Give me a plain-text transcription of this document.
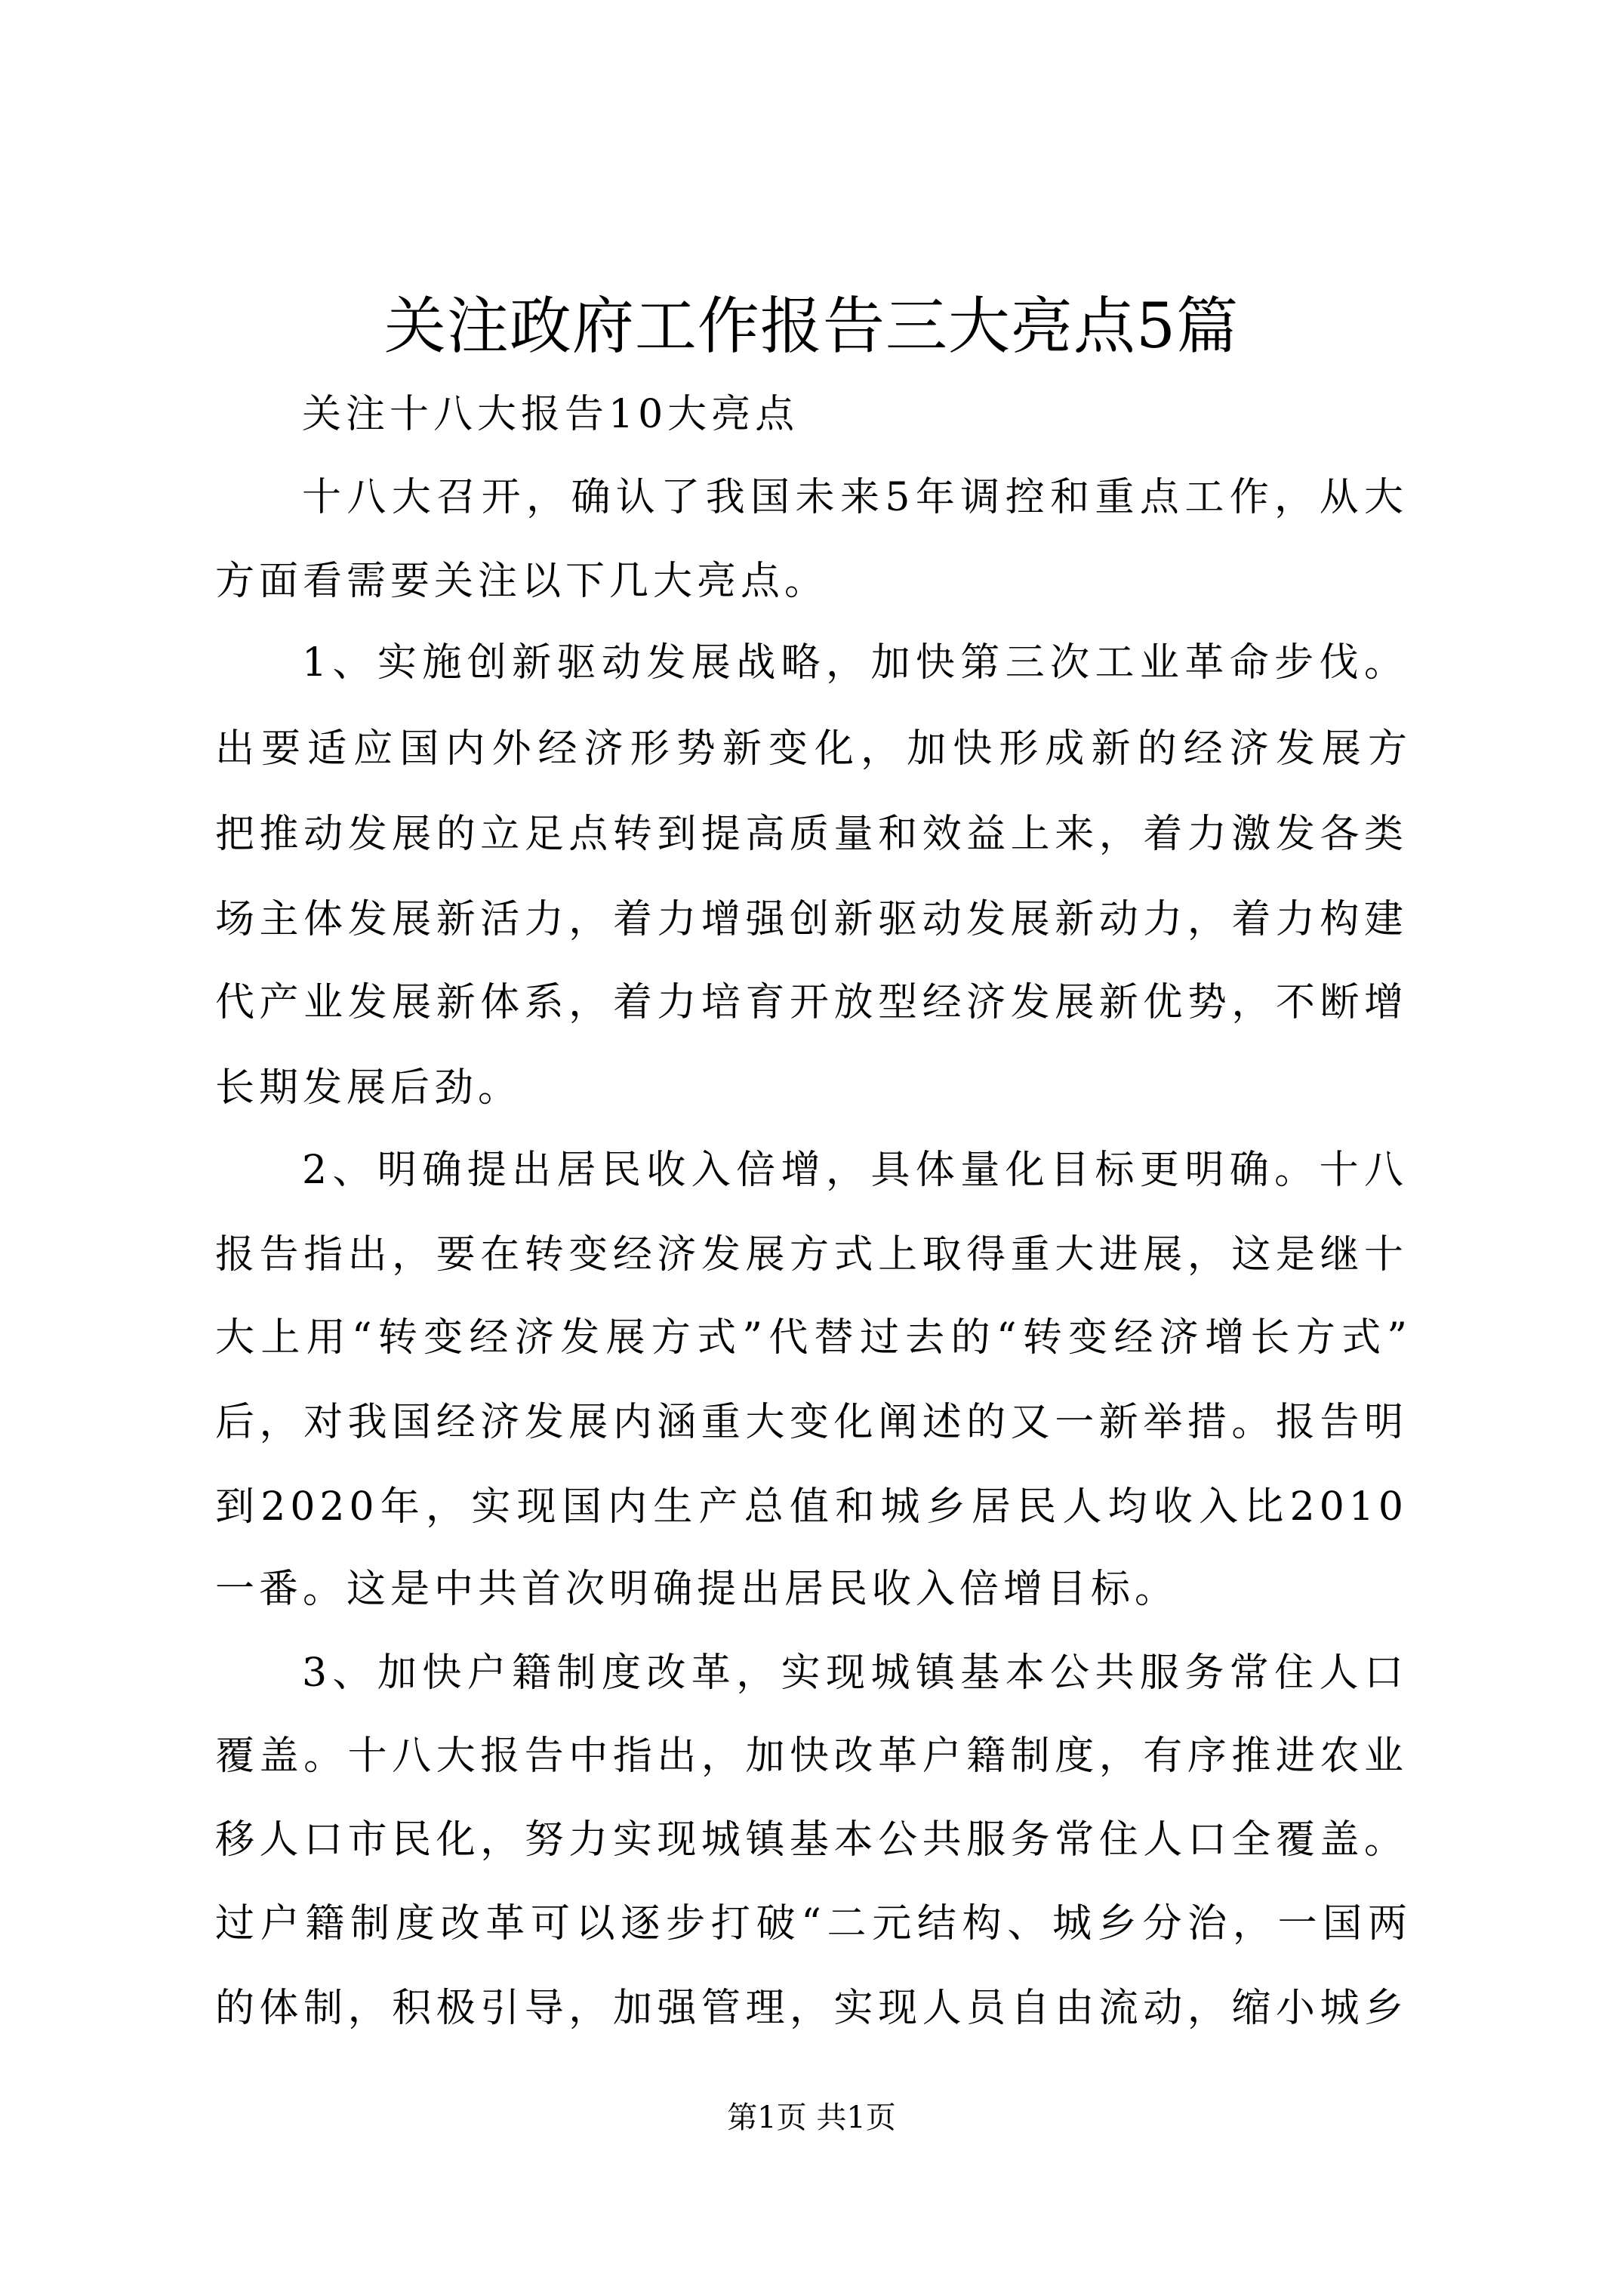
关注政府工作报告三大亮点5篇
关注十八大报告10大亮点
十八大召开，确认了我国未来5年调控和重点工作，从大
方面看需要关注以下几大亮点。
1、实施创新驱动发展战略，加快第三次工业革命步伐。
出要适应国内外经济形势新变化，加快形成新的经济发展方
把推动发展的立足点转到提高质量和效益上来，着力激发各类
场主体发展新活力，着力增强创新驱动发展新动力，着力构建
代产业发展新体系，着力培育开放型经济发展新优势，不断增
长期发展后劲。
2、明确提出居民收入倍增，具体量化目标更明确。十八
报告指出，要在转变经济发展方式上取得重大进展，这是继十
大上用“转变经济发展方式”代替过去的“转变经济增长方式”
后，对我国经济发展内涵重大变化阐述的又一新举措。报告明
到2020年，实现国内生产总值和城乡居民人均收入比2010
一番。这是中共首次明确提出居民收入倍增目标。
3、加快户籍制度改革，实现城镇基本公共服务常住人口
覆盖。十八大报告中指出，加快改革户籍制度，有序推进农业
移人口市民化，努力实现城镇基本公共服务常住人口全覆盖。
过户籍制度改革可以逐步打破“二元结构、城乡分治，一国两
的体制，积极引导，加强管理，实现人员自由流动，缩小城乡
第1页 共1页
